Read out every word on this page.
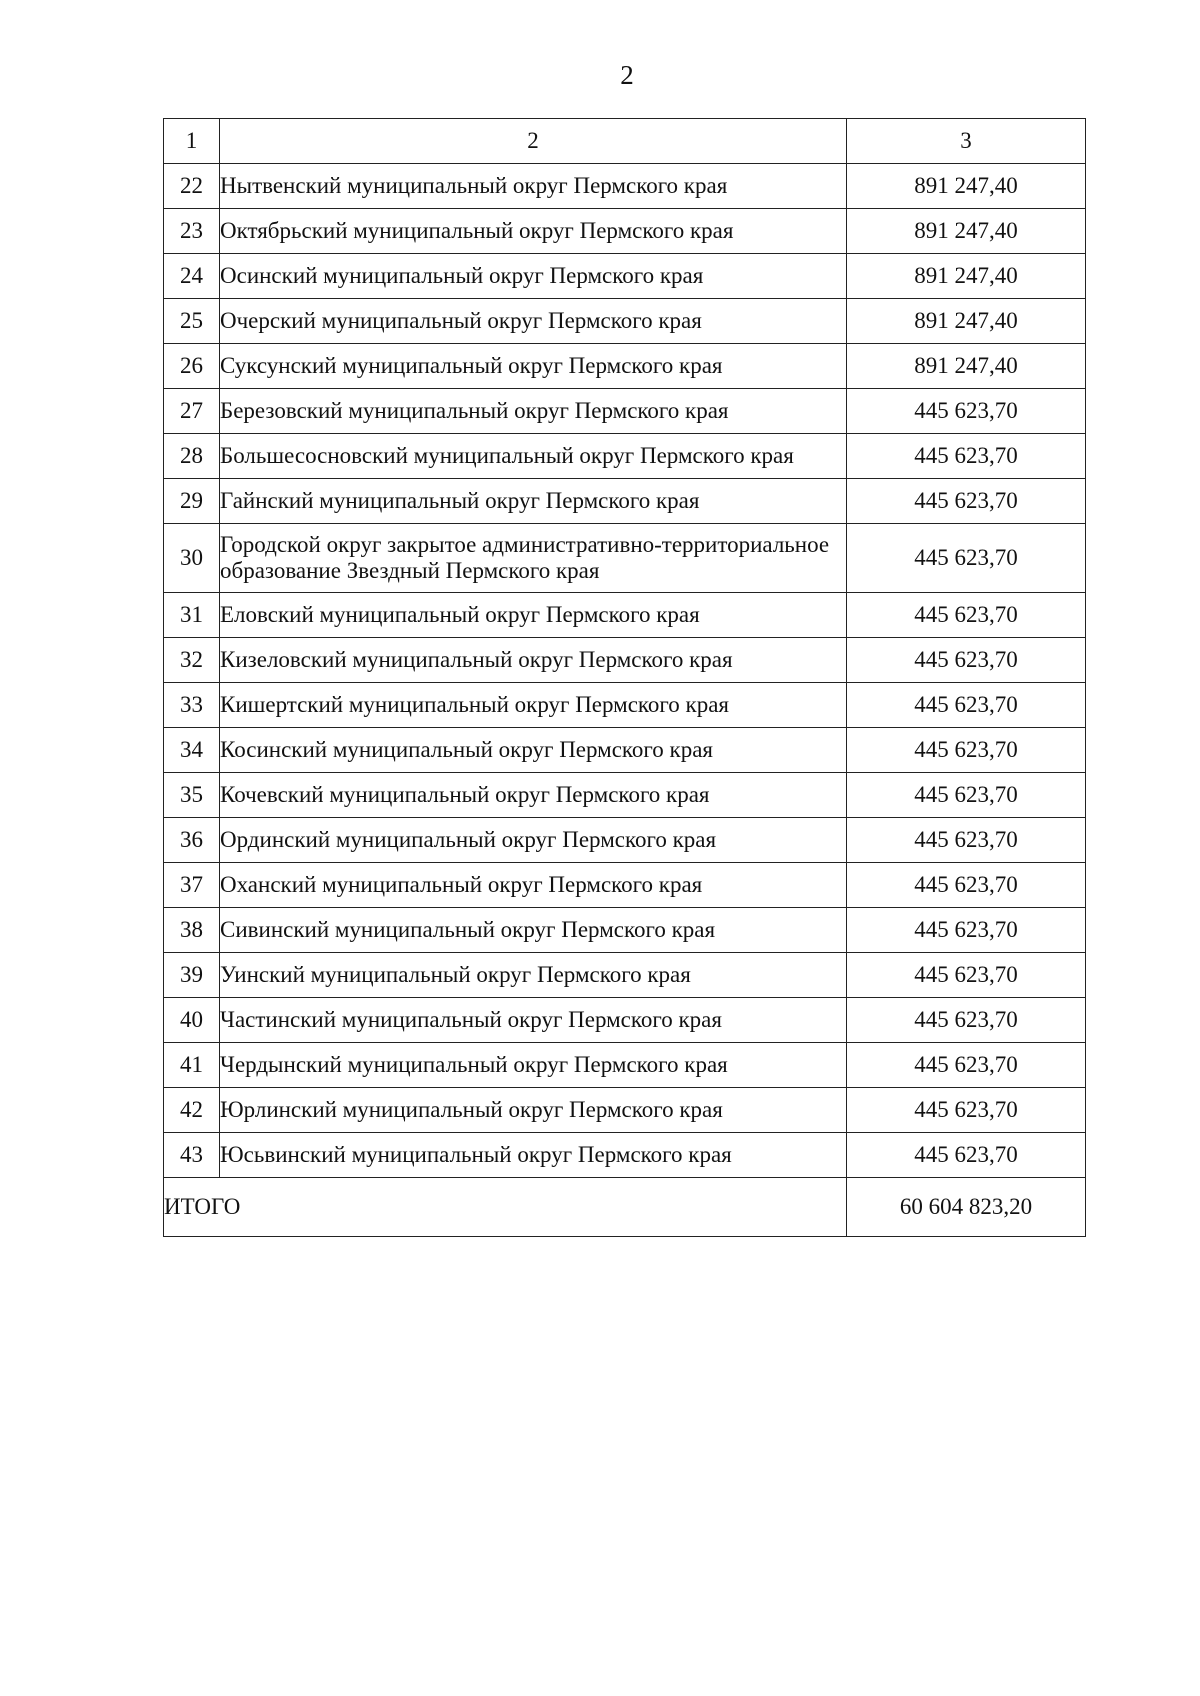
2
1	2	3
22	Нытвенский муниципальный округ Пермского края	891 247,40
23	Октябрьский муниципальный округ Пермского края	891 247,40
24	Осинский муниципальный округ Пермского края	891 247,40
25	Очерский муниципальный округ Пермского края	891 247,40
26	Суксунский муниципальный округ Пермского края	891 247,40
27	Березовский муниципальный округ Пермского края	445 623,70
28	Большесосновский муниципальный округ Пермского края	445 623,70
29	Гайнский муниципальный округ Пермского края	445 623,70
30	Городской округ закрытое административно-территориальное образование Звездный Пермского края	445 623,70
31	Еловский муниципальный округ Пермского края	445 623,70
32	Кизеловский муниципальный округ Пермского края	445 623,70
33	Кишертский муниципальный округ Пермского края	445 623,70
34	Косинский муниципальный округ Пермского края	445 623,70
35	Кочевский муниципальный округ Пермского края	445 623,70
36	Ординский муниципальный округ Пермского края	445 623,70
37	Оханский муниципальный округ Пермского края	445 623,70
38	Сивинский муниципальный округ Пермского края	445 623,70
39	Уинский муниципальный округ Пермского края	445 623,70
40	Частинский муниципальный округ Пермского края	445 623,70
41	Чердынский муниципальный округ Пермского края	445 623,70
42	Юрлинский муниципальный округ Пермского края	445 623,70
43	Юсьвинский муниципальный округ Пермского края	445 623,70
ИТОГО		60 604 823,20
